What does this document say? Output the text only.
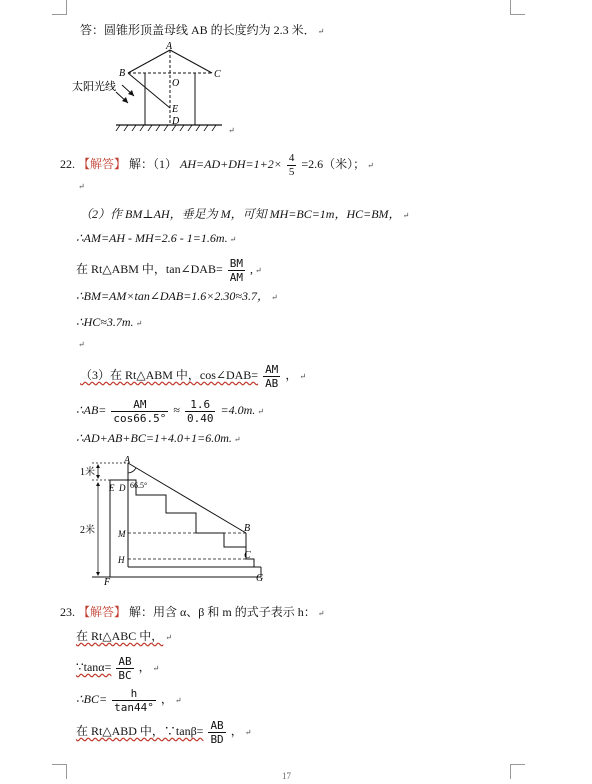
答：圆锥形顶盖母线 AB 的长度约为 2.3 米． ↵
A
B	C
O
E
D
太阳光线
↵
22. 【解答】 解：（1） $AH=AD+DH=1+2\times \frac{4}{5} =2.6$（米）； ↵
↵
（2）作 BM⊥AH，垂足为 M，可知 MH=BC=1m，HC=BM， ↵
∴AM=AH - MH=2.6 - 1=1.6m. ↵
在 Rt△ABM 中，tan∠DAB= $\frac{BM}{AM}$ , ↵
∴BM=AM×tan∠DAB=1.6×2.30≈3.7， ↵
∴HC≈3.7m. ↵
↵
（3）在 Rt△ABM 中，cos∠DAB= $\frac{AM}{AB}$ ， ↵
∴AB= $\frac{AM}{\cos 66.5^\circ} \approx \frac{1.6}{0.40} =4.0m$. ↵
∴AD+AB+BC=1+4.0+1=6.0m. ↵
A
E D 66.5°
B
M
C
H
G
F
1米
2米
23. 【解答】 解：用含 α、β 和 m 的式子表示 h： ↵
在 Rt△ABC 中， ↵
∵tanα= $\frac{AB}{BC}$ ， ↵
∴BC= $\frac{h}{\tan 44^\circ}$ ， ↵
在 Rt△ABD 中，∵tanβ= $\frac{AB}{BD}$ ， ↵
17
